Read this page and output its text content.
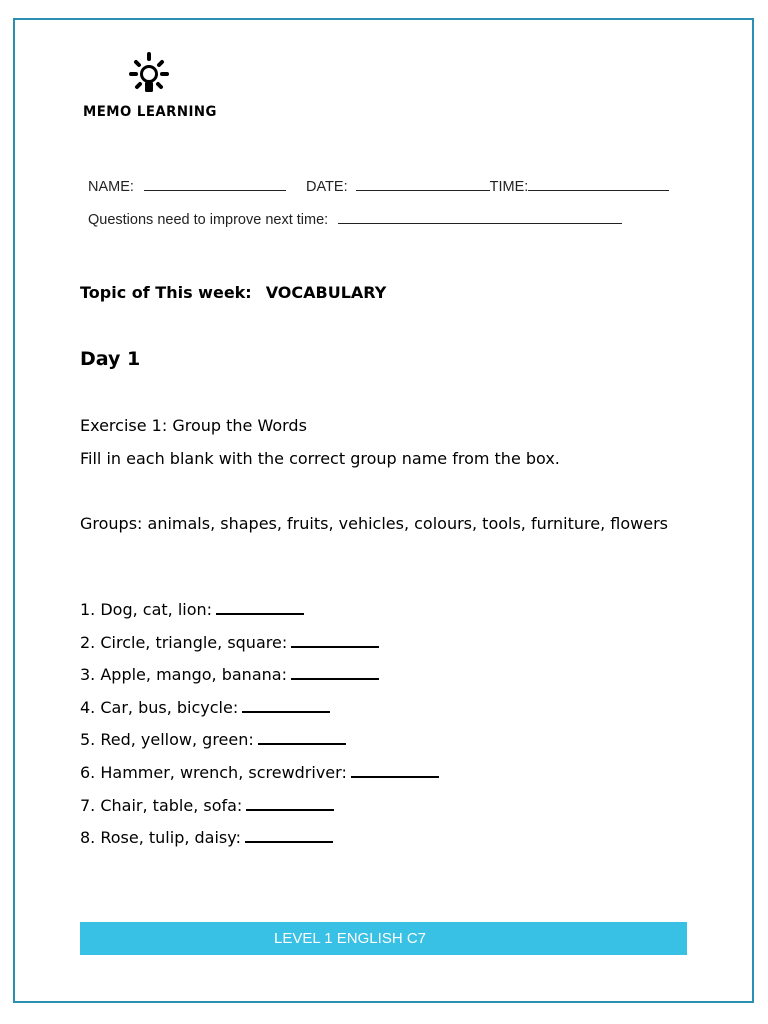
MEMO LEARNING
NAME:	DATE:	TIME:
Questions need to improve next time:
Topic of This week: VOCABULARY
Day 1
Exercise 1: Group the Words
Fill in each blank with the correct group name from the box.
Groups: animals, shapes, fruits, vehicles, colours, tools, furniture, flowers
1. Dog, cat, lion:
2. Circle, triangle, square:
3. Apple, mango, banana:
4. Car, bus, bicycle:
5. Red, yellow, green:
6. Hammer, wrench, screwdriver:
7. Chair, table, sofa:
8. Rose, tulip, daisy:
LEVEL 1 ENGLISH C7
